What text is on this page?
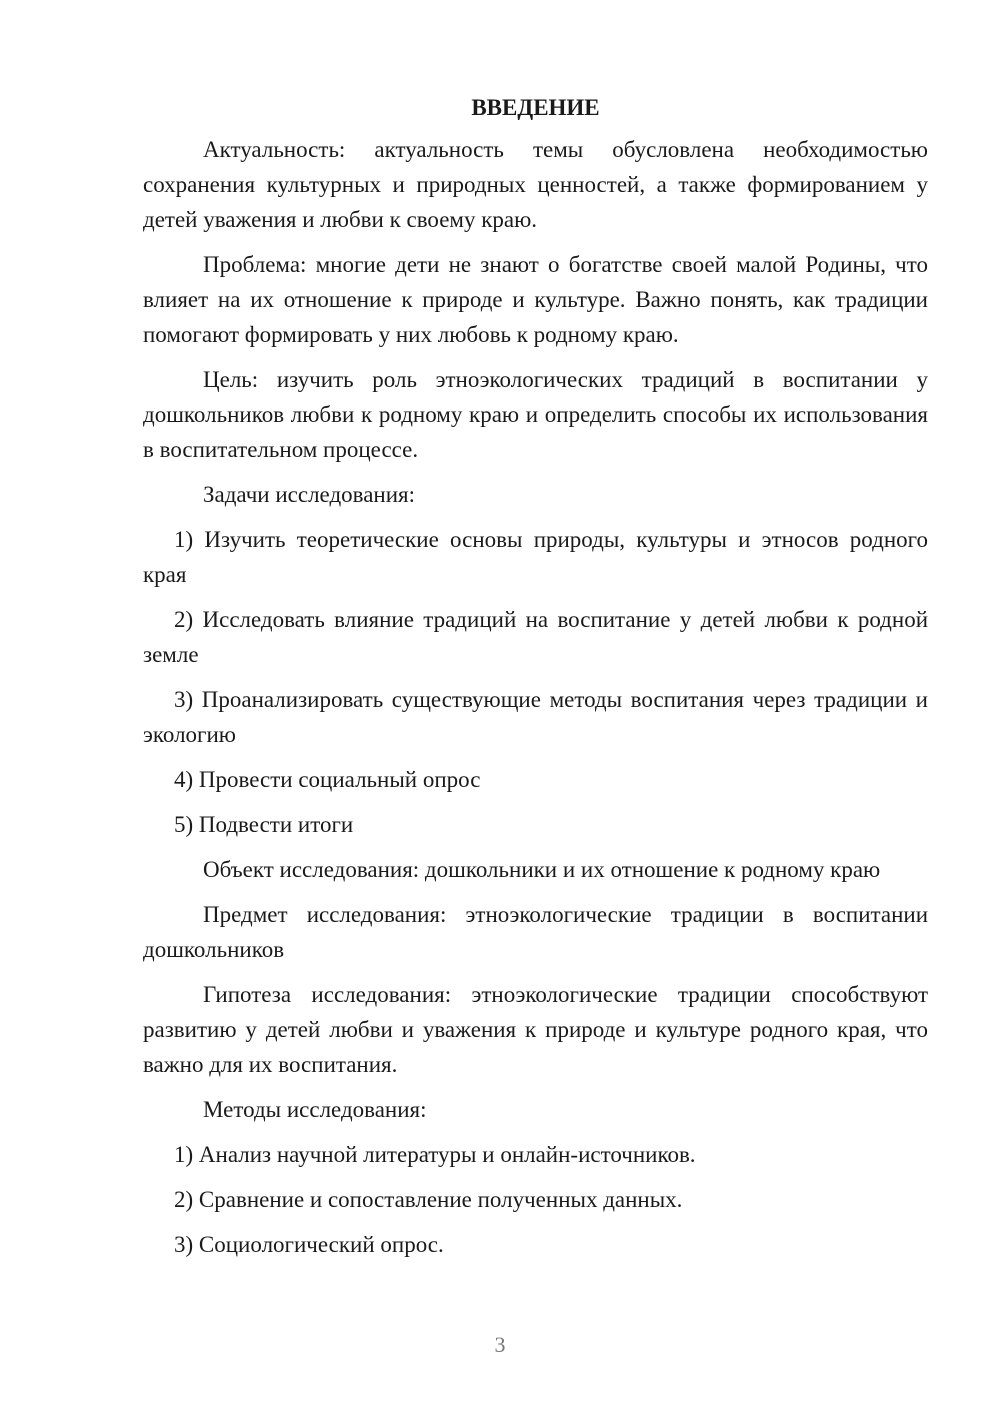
ВВЕДЕНИЕ

Актуальность: актуальность темы обусловлена необходимостью сохранения культурных и природных ценностей, а также формированием у детей уважения и любви к своему краю.

Проблема: многие дети не знают о богатстве своей малой Родины, что влияет на их отношение к природе и культуре. Важно понять, как традиции помогают формировать у них любовь к родному краю.

Цель: изучить роль этноэкологических традиций в воспитании у дошкольников любви к родному краю и определить способы их использования в воспитательном процессе.

Задачи исследования:

1) Изучить теоретические основы природы, культуры и этносов родного края

2) Исследовать влияние традиций на воспитание у детей любви к родной земле

3) Проанализировать существующие методы воспитания через традиции и экологию

4) Провести социальный опрос

5) Подвести итоги

Объект исследования: дошкольники и их отношение к родному краю

Предмет исследования: этноэкологические традиции в воспитании дошкольников

Гипотеза исследования: этноэкологические традиции способствуют развитию у детей любви и уважения к природе и культуре родного края, что важно для их воспитания.

Методы исследования:

1) Анализ научной литературы и онлайн-источников.

2) Сравнение и сопоставление полученных данных.

3) Социологический опрос.

3
